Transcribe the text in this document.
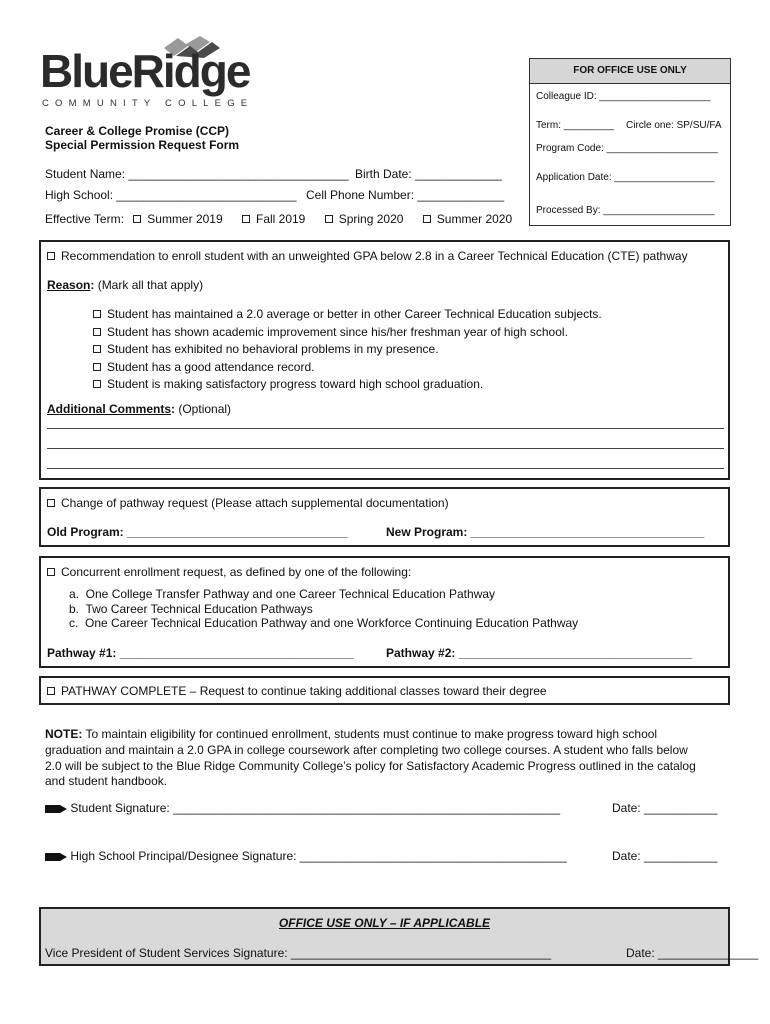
BlueRidge
COMMUNITY COLLEGE
FOR OFFICE USE ONLY
Colleague ID: ____________________
Term: _________ Circle one: SP/SU/FA
Program Code: ____________________
Application Date: __________________
Processed By: ____________________
Career & College Promise (CCP)
Special Permission Request Form
Student Name: _________________________________ Birth Date: _____________
High School: ___________________________ Cell Phone Number: _____________
Effective Term: Summer 2019	Fall 2019	Spring 2020	Summer 2020
Recommendation to enroll student with an unweighted GPA below 2.8 in a Career Technical Education (CTE) pathway
Reason: (Mark all that apply)
Student has maintained a 2.0 average or better in other Career Technical Education subjects.
Student has shown academic improvement since his/her freshman year of high school.
Student has exhibited no behavioral problems in my presence.
Student has a good attendance record.
Student is making satisfactory progress toward high school graduation.
Additional Comments: (Optional)
Change of pathway request (Please attach supplemental documentation)
Old Program: _________________________________	New Program: ___________________________________
Concurrent enrollment request, as defined by one of the following:
a.  One College Transfer Pathway and one Career Technical Education Pathway
b.  Two Career Technical Education Pathways
c.  One Career Technical Education Pathway and one Workforce Continuing Education Pathway
Pathway #1: ___________________________________	Pathway #2: ___________________________________
PATHWAY COMPLETE – Request to continue taking additional classes toward their degree
NOTE: To maintain eligibility for continued enrollment, students must continue to make progress toward high school
graduation and maintain a 2.0 GPA in college coursework after completing two college courses. A student who falls below
2.0 will be subject to the Blue Ridge Community College’s policy for Satisfactory Academic Progress outlined in the catalog
and student handbook.
Student Signature: __________________________________________________________	Date: ___________
High School Principal/Designee Signature: ________________________________________	Date: ___________
OFFICE USE ONLY – IF APPLICABLE
Vice President of Student Services Signature: _______________________________________	Date: _______________
